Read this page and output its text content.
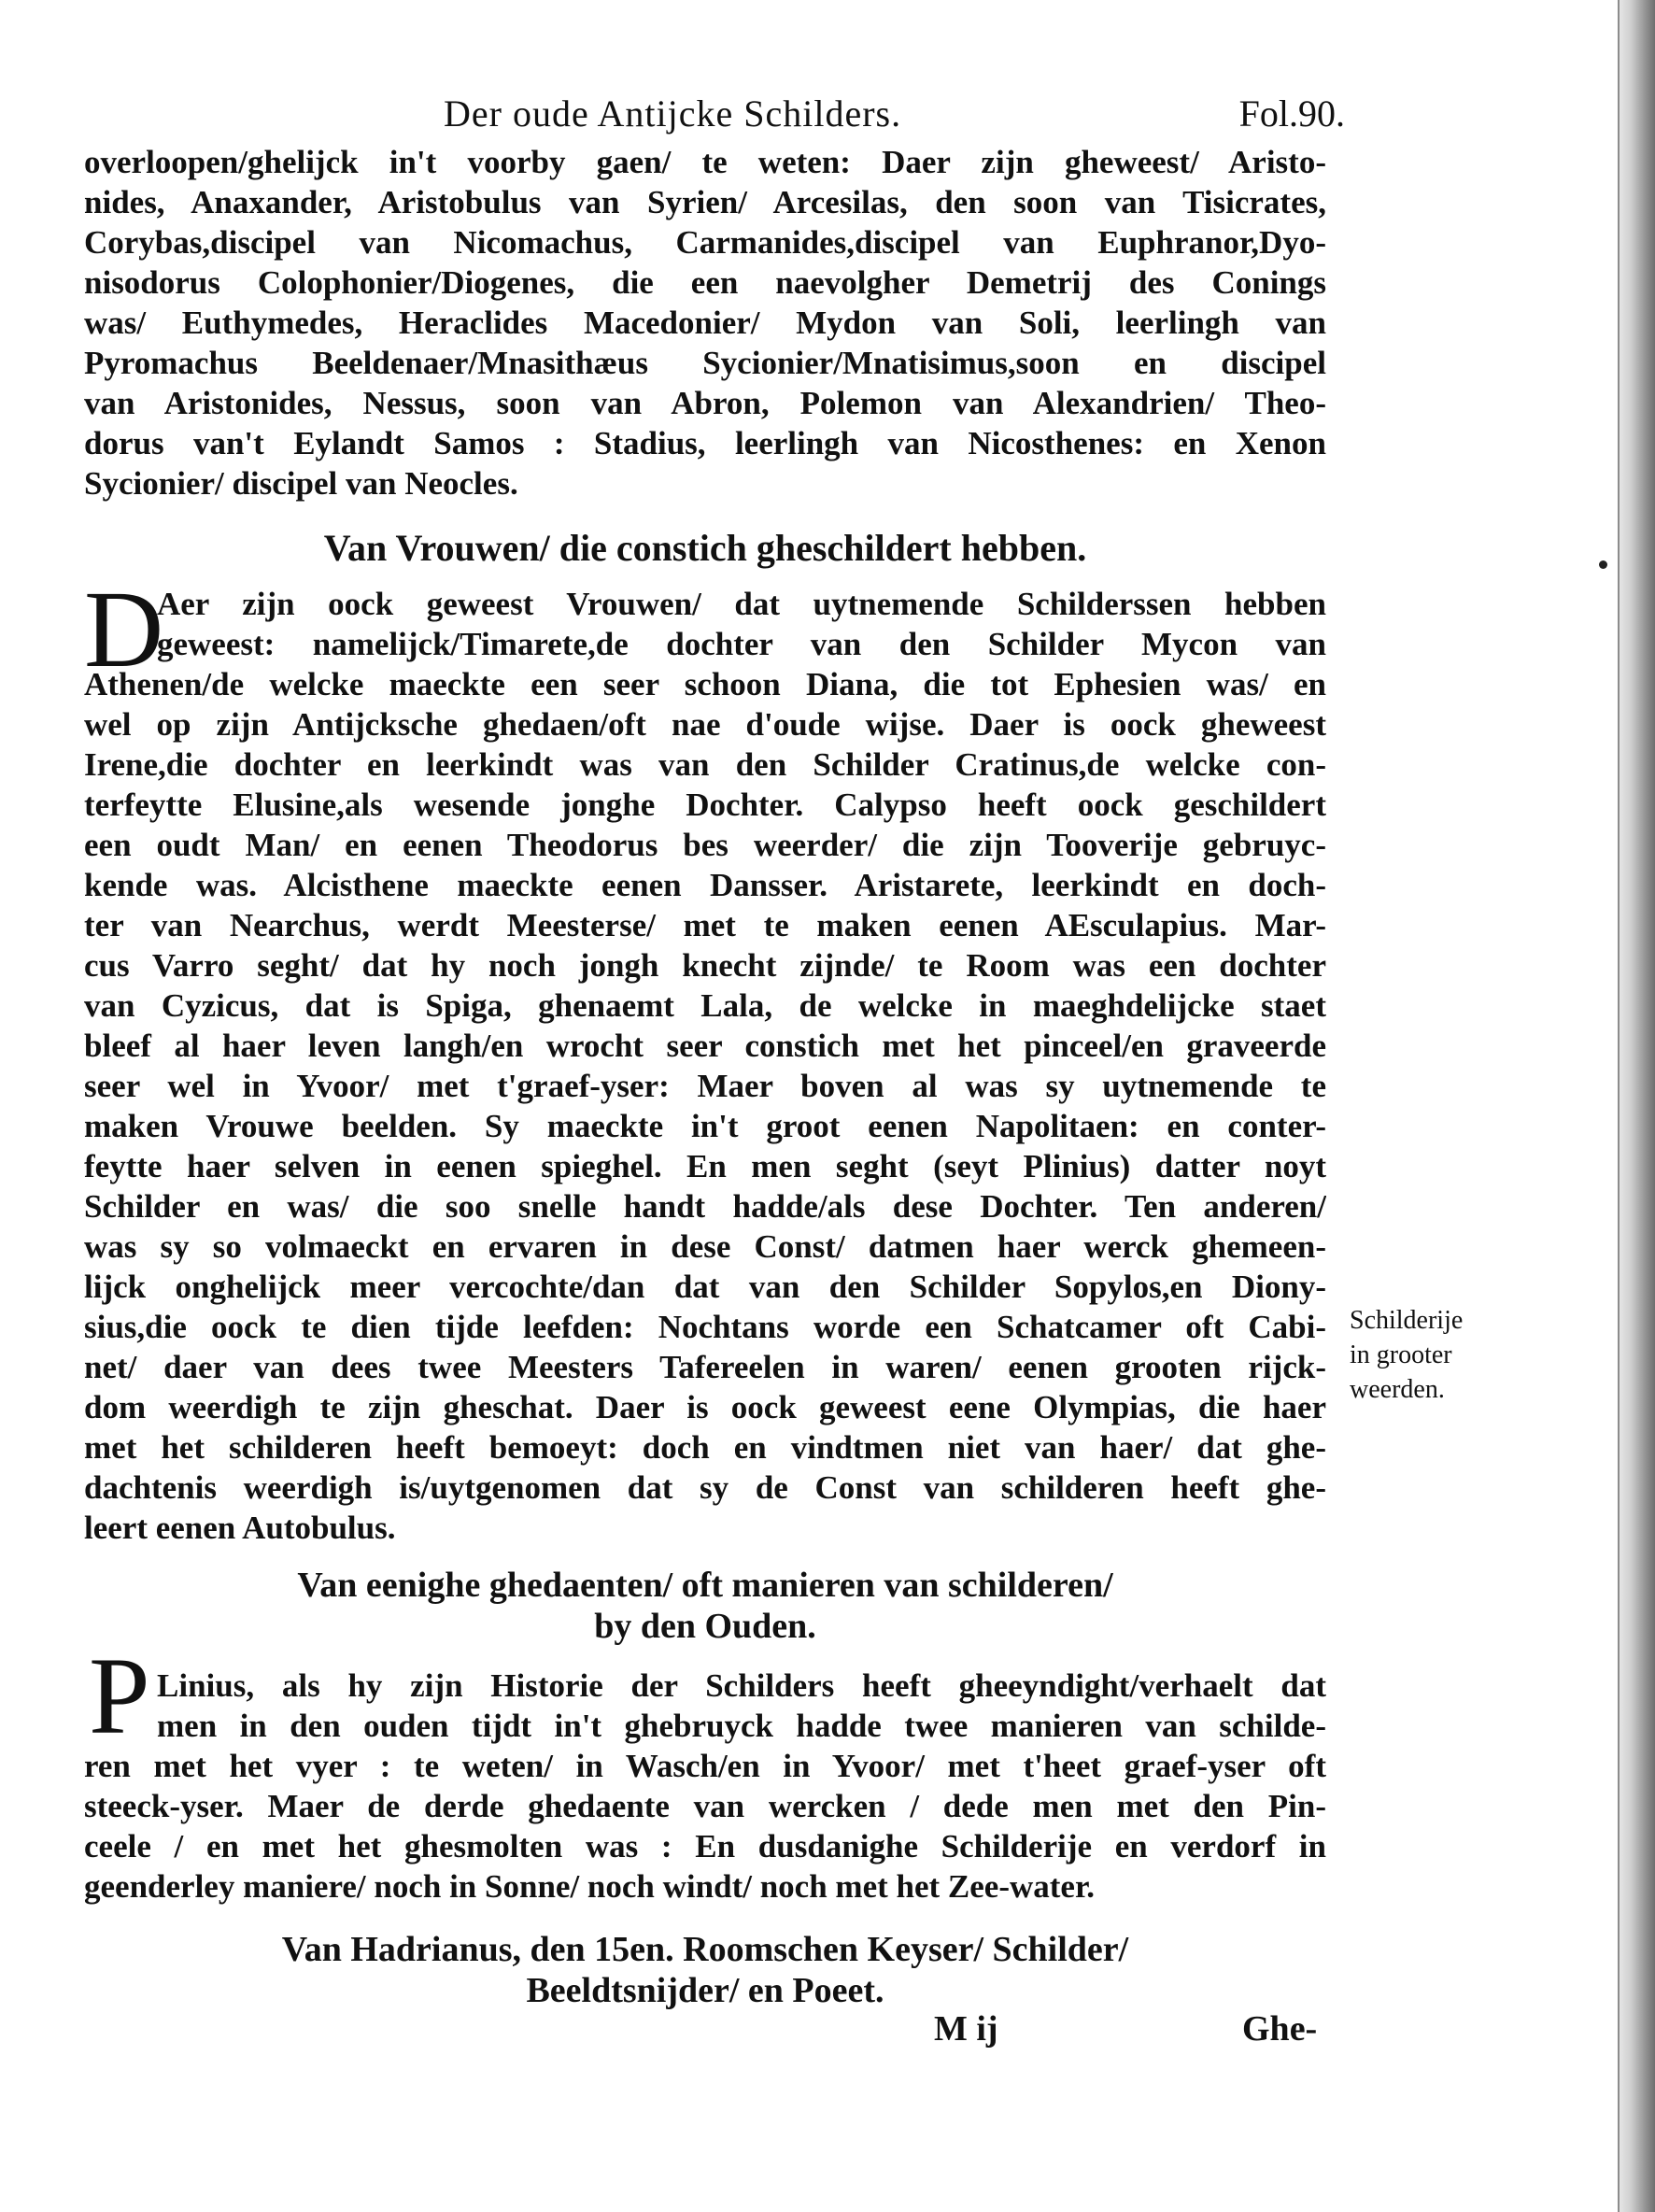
Der oude Antijcke Schilders.	Fol.90.
overloopen/ghelijck in't voorby gaen/ te weten: Daer zijn gheweest/ Aristo-
nides, Anaxander, Aristobulus van Syrien/ Arcesilas, den soon van Tisicrates,
Corybas,discipel van Nicomachus, Carmanides,discipel van Euphranor,Dyo-
nisodorus Colophonier/Diogenes, die een naevolgher Demetrij des Conings
was/ Euthymedes, Heraclides Macedonier/ Mydon van Soli, leerlingh van
Pyromachus Beeldenaer/Mnasithæus Sycionier/Mnatisimus,soon en discipel
van Aristonides, Nessus, soon van Abron, Polemon van Alexandrien/ Theo-
dorus van't Eylandt Samos : Stadius, leerlingh van Nicosthenes: en Xenon
Sycionier/ discipel van Neocles.
Van Vrouwen/ die constich gheschildert hebben.
D
Aer zijn oock geweest Vrouwen/ dat uytnemende Schilderssen hebben
geweest: namelijck/Timarete,de dochter van den Schilder Mycon van
Athenen/de welcke maeckte een seer schoon Diana, die tot Ephesien was/ en
wel op zijn Antijcksche ghedaen/oft nae d'oude wijse. Daer is oock gheweest
Irene,die dochter en leerkindt was van den Schilder Cratinus,de welcke con-
terfeytte Elusine,als wesende jonghe Dochter. Calypso heeft oock geschildert
een oudt Man/ en eenen Theodorus bes weerder/ die zijn Tooverije gebruyc-
kende was. Alcisthene maeckte eenen Dansser. Aristarete, leerkindt en doch-
ter van Nearchus, werdt Meesterse/ met te maken eenen AEsculapius. Mar-
cus Varro seght/ dat hy noch jongh knecht zijnde/ te Room was een dochter
van Cyzicus, dat is Spiga, ghenaemt Lala, de welcke in maeghdelijcke staet
bleef al haer leven langh/en wrocht seer constich met het pinceel/en graveerde
seer wel in Yvoor/ met t'graef-yser: Maer boven al was sy uytnemende te
maken Vrouwe beelden. Sy maeckte in't groot eenen Napolitaen: en conter-
feytte haer selven in eenen spieghel. En men seght (seyt Plinius) datter noyt
Schilder en was/ die soo snelle handt hadde/als dese Dochter. Ten anderen/
was sy so volmaeckt en ervaren in dese Const/ datmen haer werck ghemeen-
lijck onghelijck meer vercochte/dan dat van den Schilder Sopylos,en Diony-
sius,die oock te dien tijde leefden: Nochtans worde een Schatcamer oft Cabi-
net/ daer van dees twee Meesters Tafereelen in waren/ eenen grooten rijck-
dom weerdigh te zijn gheschat. Daer is oock geweest eene Olympias, die haer
met het schilderen heeft bemoeyt: doch en vindtmen niet van haer/ dat ghe-
dachtenis weerdigh is/uytgenomen dat sy de Const van schilderen heeft ghe-
leert eenen Autobulus.
Schilderije
in grooter
weerden.
Van eenighe ghedaenten/ oft manieren van schilderen/
by den Ouden.
P Linius, als hy zijn Historie der Schilders heeft gheeyndight/verhaelt dat
men in den ouden tijdt in't ghebruyck hadde twee manieren van schilde-
ren met het vyer : te weten/ in Wasch/en in Yvoor/ met t'heet graef-yser oft
steeck-yser. Maer de derde ghedaente van wercken / dede men met den Pin-
ceele / en met het ghesmolten was : En dusdanighe Schilderije en verdorf in
geenderley maniere/ noch in Sonne/ noch windt/ noch met het Zee-water.
Van Hadrianus, den 15en. Roomschen Keyser/ Schilder/
Beeldtsnijder/ en Poeet.
M ij	Ghe-
